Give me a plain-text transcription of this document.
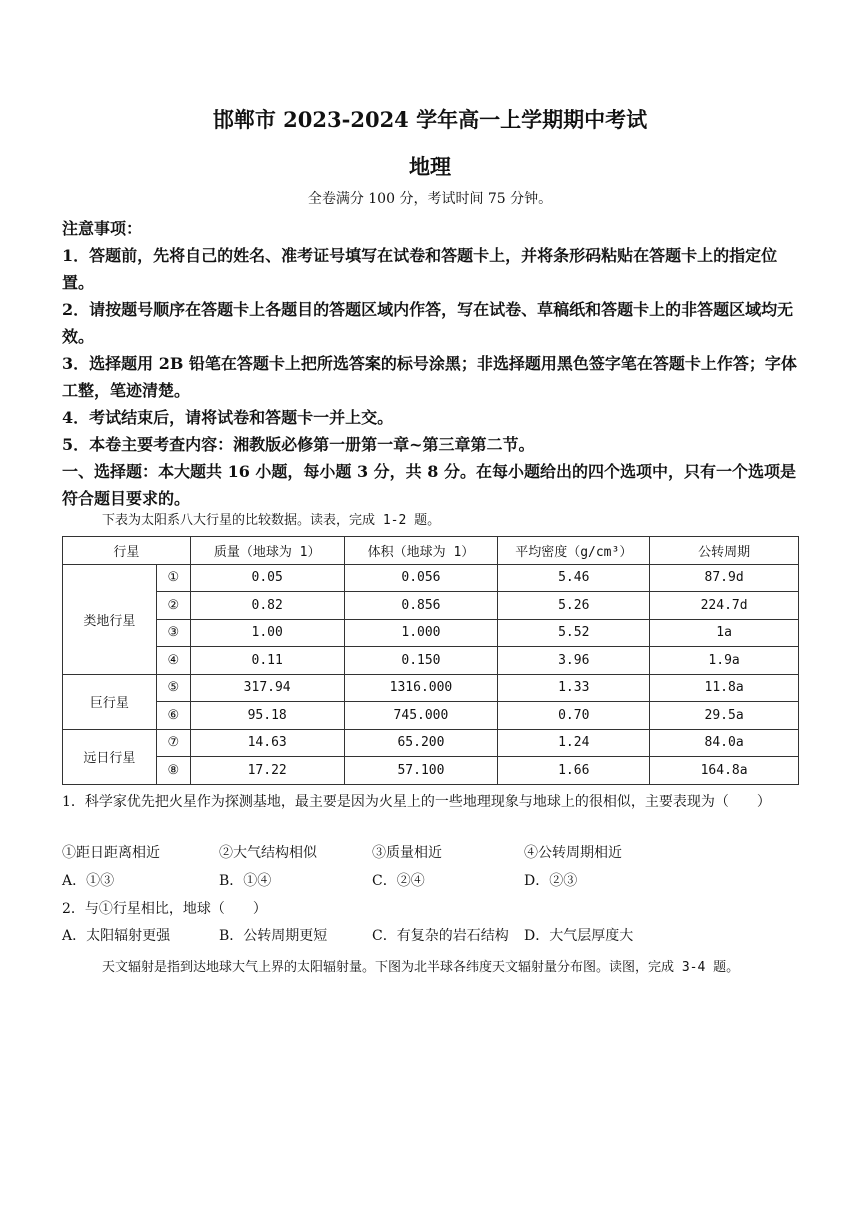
邯郸市 2023-2024 学年高一上学期期中考试
地理
全卷满分 100 分，考试时间 75 分钟。

注意事项：

1．答题前，先将自己的姓名、准考证号填写在试卷和答题卡上，并将条形码粘贴在答题卡上的指定位置。

2．请按题号顺序在答题卡上各题目的答题区域内作答，写在试卷、草稿纸和答题卡上的非答题区域均无效。

3．选择题用 2B 铅笔在答题卡上把所选答案的标号涂黑；非选择题用黑色签字笔在答题卡上作答；字体工整，笔迹清楚。

4．考试结束后，请将试卷和答题卡一并上交。

5．本卷主要考查内容：湘教版必修第一册第一章~第三章第二节。

一、选择题：本大题共 16 小题，每小题 3 分，共 8 分。在每小题给出的四个选项中，只有一个选项是符合题目要求的。

下表为太阳系八大行星的比较数据。读表，完成 1-2 题。
行星		质量（地球为 1）	体积（地球为 1）	平均密度（g/cm³）	公转周期
类地行星	①	0.05	0.056	5.46	87.9d
	②	0.82	0.856	5.26	224.7d
	③	1.00	1.000	5.52	1a
	④	0.11	0.150	3.96	1.9a
巨行星	⑤	317.94	1316.000	1.33	11.8a
	⑥	95.18	745.000	0.70	29.5a
远日行星	⑦	14.63	65.200	1.24	84.0a
	⑧	17.22	57.100	1.66	164.8a
1．科学家优先把火星作为探测基地，最主要是因为火星上的一些地理现象与地球上的很相似，主要表现为（　　）
①距日距离相近	②大气结构相似	③质量相近	④公转周期相近
A．①③	B．①④	C．②④	D．②③
2．与①行星相比，地球（　　）
A．太阳辐射更强	B．公转周期更短	C．有复杂的岩石结构 D．大气层厚度大
天文辐射是指到达地球大气上界的太阳辐射量。下图为北半球各纬度天文辐射量分布图。读图，完成 3-4 题。
